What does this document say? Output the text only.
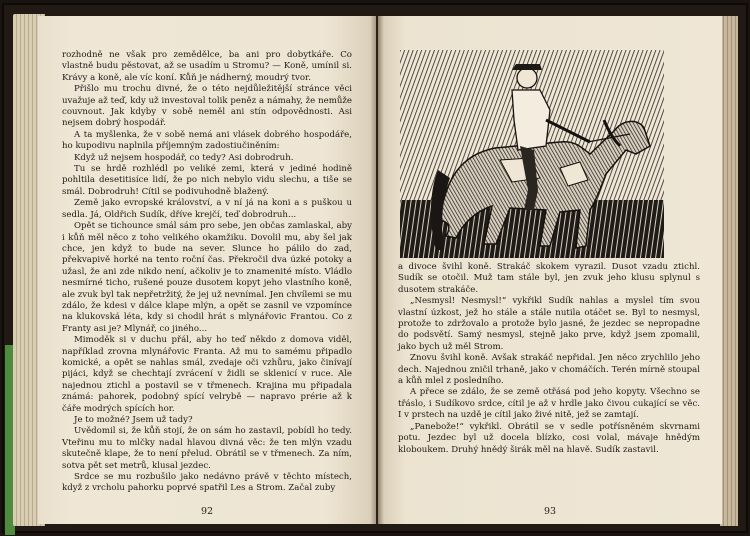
rozhodně ne však pro zemědělce, ba ani pro dobytkáře. Co vlastně budu pěstovat, až se usadím u Stromu? — Koně, umínil si. Krávy a koně, ale víc koní. Kůň je nádherný, moudrý tvor.

Přišlo mu trochu divné, že o této nejdůležitější stránce věci uvažuje až teď, kdy už investoval tolik peněz a námahy, že nemůže couvnout. Jak kdyby v sobě neměl ani stín odpovědnosti. Asi nejsem dobrý hospodář.

A ta myšlenka, že v sobě nemá ani vlásek dobrého hospodáře, ho kupodivu naplnila příjemným zadostiučiněním:

Když už nejsem hospodář, co tedy? Asi dobrodruh.

Tu se hrdě rozhlédl po veliké zemi, která v jediné hodině pohltila desetitisíce lidí, že po nich nebylo vidu slechu, a tiše se smál. Dobrodruh! Cítil se podivuhodně blažený.

Země jako evropské království, a v ní já na koni a s puškou u sedla. Já, Oldřich Sudík, dříve krejčí, teď dobrodruh...

Opět se tichounce smál sám pro sebe, jen občas zamlaskal, aby i kůň měl něco z toho velikého okamžiku. Dovolil mu, aby šel jak chce, jen když to bude na sever. Slunce ho pálilo do zad, překvapivě horké na tento roční čas. Překročil dva úzké potoky a užasl, že ani zde nikdo není, ačkoliv je to znamenité místo. Vládlo nesmírné ticho, rušené pouze dusotem kopyt jeho vlastního koně, ale zvuk byl tak nepřetržitý, že jej už nevnímal. Jen chvílemi se mu zdálo, že kdesi v dálce klape mlýn, a opět se zasnil ve vzpomínce na klukovská léta, kdy si chodil hrát s mlynářovic Frantou. Co z Franty asi je? Mlynář, co jiného...

Mimoděk si v duchu přál, aby ho teď někdo z domova viděl, například zrovna mlynářovic Franta. Až mu to samému připadlo komické, a opět se nahlas smál, zvedaje oči vzhůru, jako činívají pijáci, když se chechtají zvrácení v židli se sklenicí v ruce. Ale najednou ztichl a postavil se v třmenech. Krajina mu připadala známá: pahorek, podobný spící velrybě — napravo prérie až k čáře modrých spících hor.

Je to možné? Jsem už tady?

Uvědomil si, že kůň stojí, že on sám ho zastavil, pobídl ho tedy. Vteřinu mu to mlčky nadal hlavou divná věc: že ten mlýn vzadu skutečně klape, že to není přelud. Obrátil se v třmenech. Za ním, sotva pět set metrů, klusal jezdec.

Srdce se mu rozbušilo jako nedávno právě v těchto místech, když z vrcholu pahorku poprvé spatřil Les a Strom. Začal zuby

92

a divoce švihl koně. Strakáč skokem vyrazil. Dusot vzadu ztichl. Sudík se otočil. Muž tam stále byl, jen zvuk jeho klusu splynul s dusotem strakáče.

„Nesmysl! Nesmysl!“ vykřikl Sudík nahlas a myslel tím svou vlastní úzkost, jež ho stále a stále nutila otáčet se. Byl to nesmysl, protože to zdržovalo a protože bylo jasné, že jezdec se nepropadne do podsvětí. Samý nesmysl, stejně jako prve, když jsem zpomalil, jako bych už měl Strom.

Znovu švihl koně. Avšak strakáč nepřidal. Jen něco zrychlilo jeho dech. Najednou zničil trhaně, jako v chomáčích. Terén mírně stoupal a kůň mlel z posledního.

A přece se zdálo, že se země otřásá pod jeho kopyty. Všechno se třáslo, i Sudíkovo srdce, cítil je až v hrdle jako čivou cukající se věc. I v prstech na uzdě je cítil jako živé nitě, jež se zamtají.

„Panebože!“ vykřikl. Obrátil se v sedle potřísněném skvrnami potu. Jezdec byl už docela blízko, cosi volal, mávaje hnědým kloboukem. Druhý hnědý širák měl na hlavě. Sudík zastavil.

93
